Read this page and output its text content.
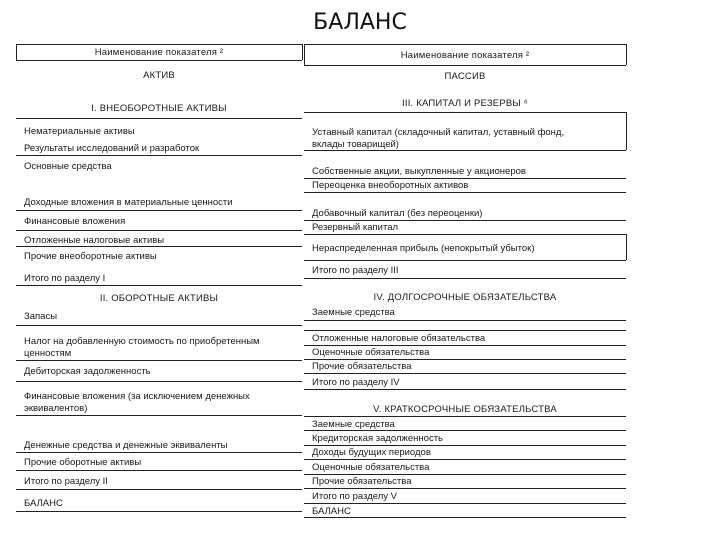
БАЛАНС
Наименование показателя ²
АКТИВ
I. ВНЕОБОРОТНЫЕ АКТИВЫ
Нематериальные активы
Результаты исследований и разработок
Основные средства
Доходные вложения в материальные ценности
Финансовые вложения
Отложенные налоговые активы
Прочие внеоборотные активы
Итого по разделу I
II. ОБОРОТНЫЕ АКТИВЫ
Запасы
Налог на добавленную стоимость по приобретенным ценностям
Дебиторская задолженность
Финансовые вложения (за исключением денежных эквивалентов)
Денежные средства и денежные эквиваленты
Прочие оборотные активы
Итого по разделу II
БАЛАНС
Наименование показателя ²
ПАССИВ
III. КАПИТАЛ И РЕЗЕРВЫ ⁶
Уставный капитал (складочный капитал, уставный фонд, вклады товарищей)
Собственные акции, выкупленные у акционеров
Переоценка внеоборотных активов
Добавочный капитал (без переоценки)
Резервный капитал
Нераспределенная прибыль (непокрытый убыток)
Итого по разделу III
IV. ДОЛГОСРОЧНЫЕ ОБЯЗАТЕЛЬСТВА
Заемные средства
Отложенные налоговые обязательства
Оценочные обязательства
Прочие обязательства
Итого по разделу IV
V. КРАТКОСРОЧНЫЕ ОБЯЗАТЕЛЬСТВА
Заемные средства
Кредиторская задолженность
Доходы будущих периодов
Оценочные обязательства
Прочие обязательства
Итого по разделу V
БАЛАНС
